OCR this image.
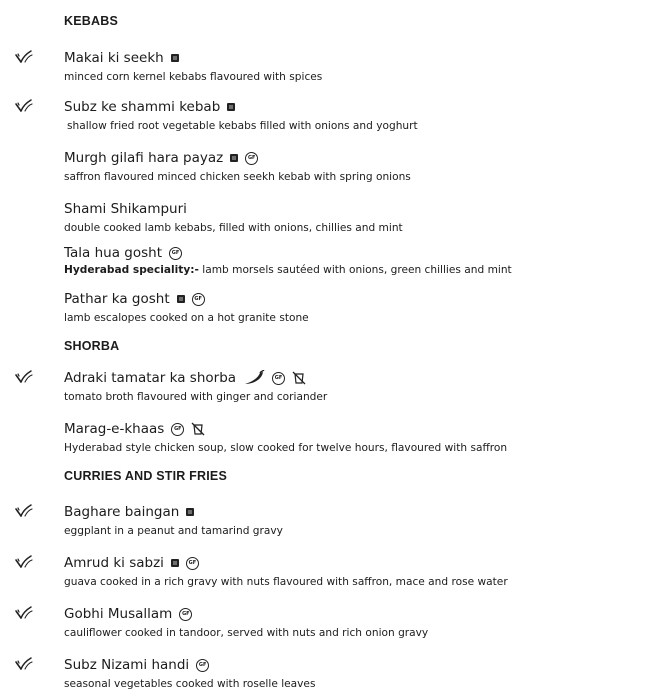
KEBABS
Makai ki seekh
minced corn kernel kebabs flavoured with spices
Subz ke shammi kebab
shallow fried root vegetable kebabs filled with onions and yoghurt
Murgh gilafi hara payaz	GF
saffron flavoured minced chicken seekh kebab with spring onions
Shami Shikampuri
double cooked lamb kebabs, filled with onions, chillies and mint
Tala hua gosht	GF
Hyderabad speciality:- lamb morsels sautéed with onions, green chillies and mint
Pathar ka gosht	GF
lamb escalopes cooked on a hot granite stone
SHORBA
Adraki tamatar ka shorba	GF
tomato broth flavoured with ginger and coriander
Marag-e-khaas	GF
Hyderabad style chicken soup, slow cooked for twelve hours, flavoured with saffron
CURRIES AND STIR FRIES
Baghare baingan
eggplant in a peanut and tamarind gravy
Amrud ki sabzi	GF
guava cooked in a rich gravy with nuts flavoured with saffron, mace and rose water
Gobhi Musallam	GF
cauliflower cooked in tandoor, served with nuts and rich onion gravy
Subz Nizami handi	GF
seasonal vegetables cooked with roselle leaves
